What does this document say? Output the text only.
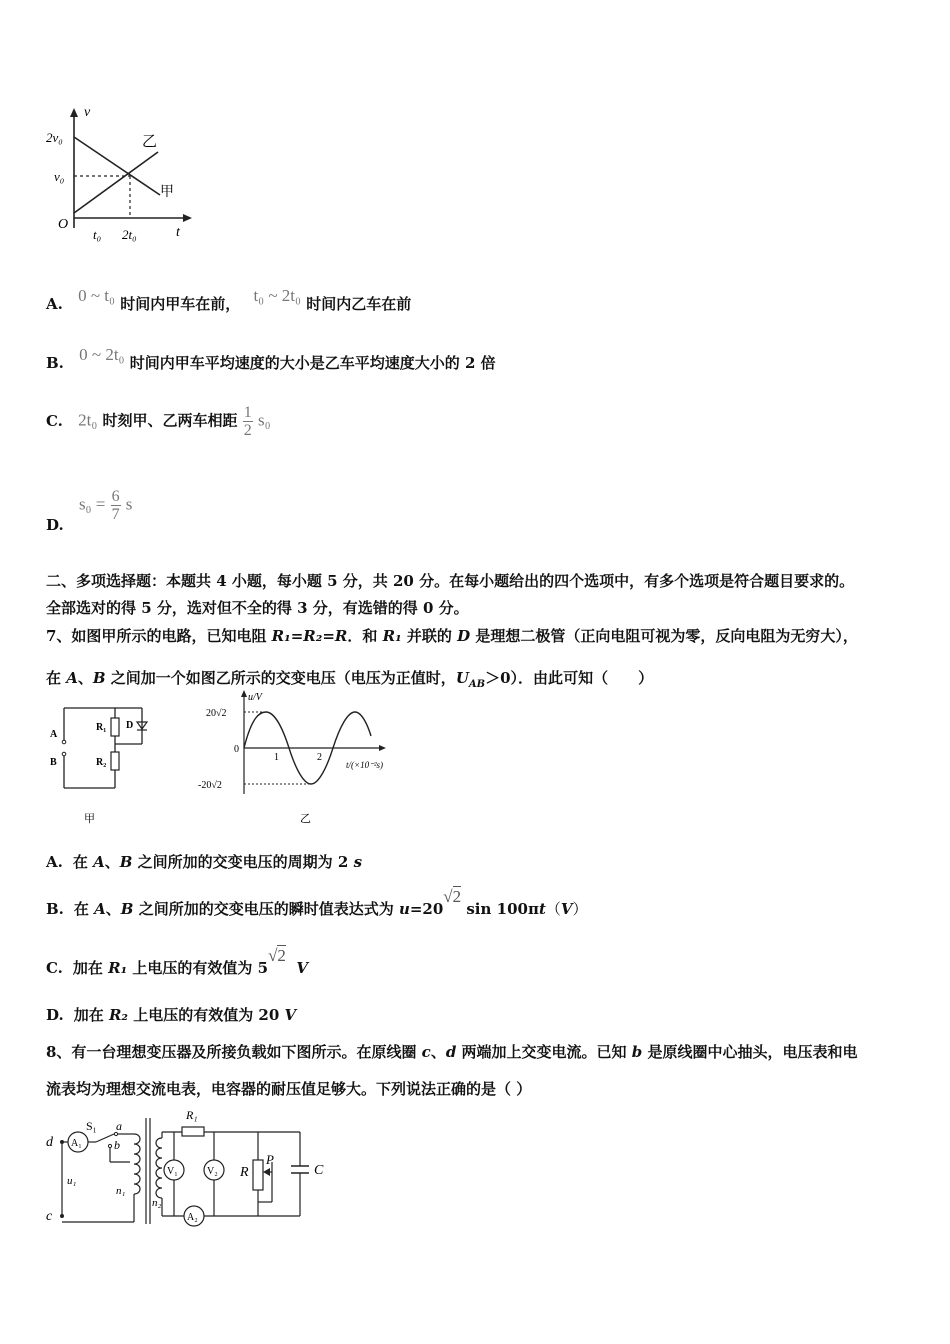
v
t
O
2v₀
v₀
t₀ 2t₀
乙
甲
A. 0 ~ t₀ 时间内甲车在前， t₀ ~ 2t₀ 时间内乙车在前
B. 0 ~ 2t₀ 时间内甲车平均速度的大小是乙车平均速度大小的 2 倍
C. 2t₀ 时刻甲、乙两车相距 $\frac{1}{2} s_0$
D. $s_0 = \frac{6}{7}$ s
二、多项选择题：本题共 4 小题，每小题 5 分，共 20 分。在每小题给出的四个选项中，有多个选项是符合题目要求的。
全部选对的得 5 分，选对但不全的得 3 分，有选错的得 0 分。
7、如图甲所示的电路，已知电阻 R₁=R₂=R．和 R₁ 并联的 D 是理想二极管（正向电阻可视为零，反向电阻为无穷大），
在 A、B 之间加一个如图乙所示的交变电压（电压为正值时，$U_{AB}>0$）．由此可知（　　）
A
B
R₁
R₂
D
甲
u/V
20√2
-20√2
0
1	2
t/(×10⁻²s)
乙
A. 在 A、B 之间所加的交变电压的周期为 2 s
B. 在 A、B 之间所加的交变电压的瞬时值表达式为 u=20√2 sin 100πt（V）
C. 加在 R₁ 上电压的有效值为 5√2  V
D. 加在 R₂ 上电压的有效值为 20 V
8、有一台理想变压器及所接负载如下图所示。在原线圈 c、d 两端加上交变电流。已知 b 是原线圈中心抽头，电压表和电
流表均为理想交流电表，电容器的耐压值足够大。下列说法正确的是（ ）
d
c
A₁
S₁ a
b
u₁
n₁
n₂
V₁	V₂
R₁
R
P
C
A₂
